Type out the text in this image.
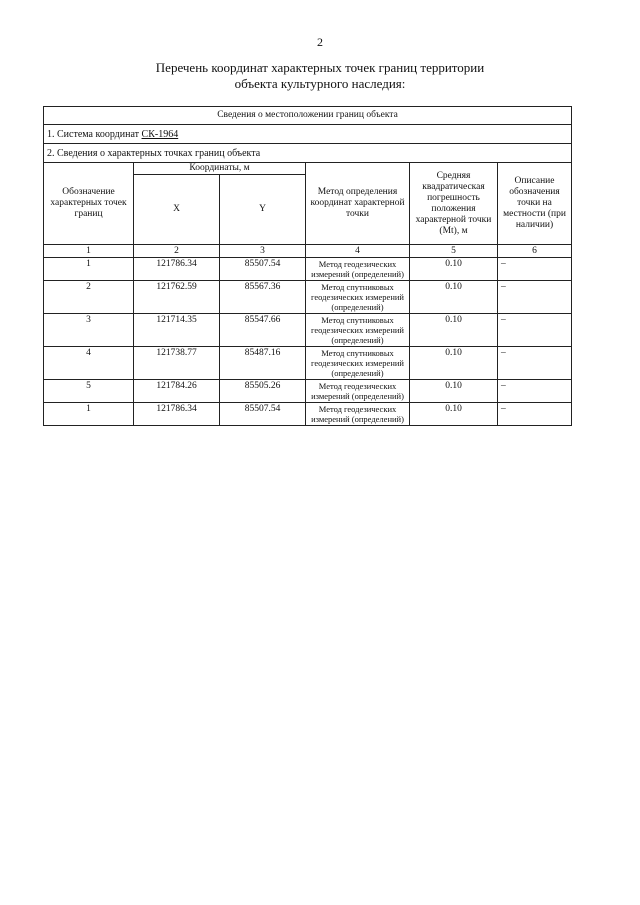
2
Перечень координат характерных точек границ территории
объекта культурного наследия:
Сведения о местоположении границ объекта					
1. Система координат СК-1964					
2. Сведения о характерных точках границ объекта					
Обозначение характерных точек границ	Координаты, м		Метод определения координат характерной точки	Средняя квадратическая погрешность положения характерной точки (Mt), м	Описание обозначения точки на местности (при наличии)
	X	Y			
1	2	3	4	5	6
1	121786.34	85507.54	Метод геодезических измерений (определений)	0.10	–
2	121762.59	85567.36	Метод спутниковых геодезических измерений (определений)	0.10	–
3	121714.35	85547.66	Метод спутниковых геодезических измерений (определений)	0.10	–
4	121738.77	85487.16	Метод спутниковых геодезических измерений (определений)	0.10	–
5	121784.26	85505.26	Метод геодезических измерений (определений)	0.10	–
1	121786.34	85507.54	Метод геодезических измерений (определений)	0.10	–
